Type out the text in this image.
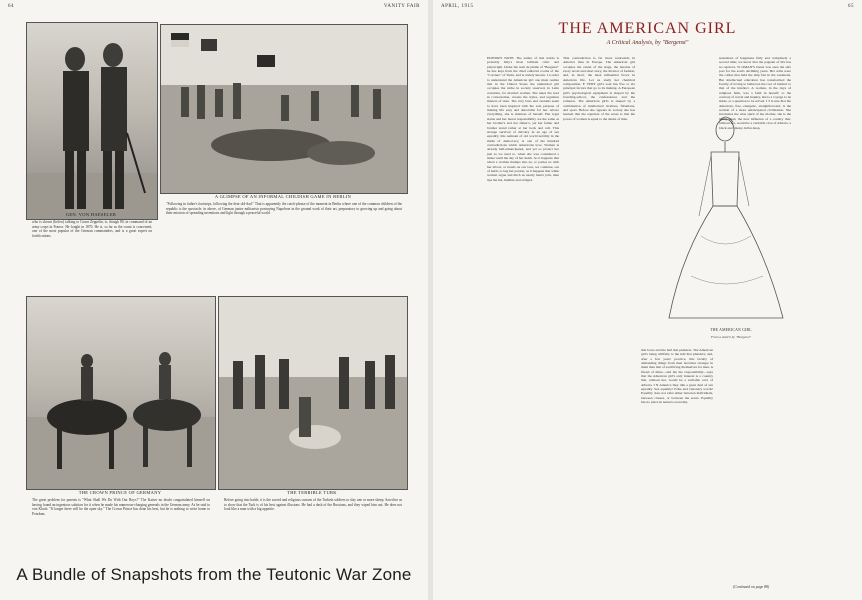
64	VANITY FAIR
GEN. VON HAESELER
who is shown (below) talking to Count Zeppelin, is, though 80, in command of an army corps in France. He fought in 1870. He is, so far as the count is concerned, one of the most popular of the German commanders, and is a great expert on fortifications.
A GLIMPSE OF AN INFORMAL CHILDISH GAME IN BERLIN
"Following in father's footsteps, following the dear old-dad." That is apparently the catch-phrase of the moment in Berlin where one of the common children of the republic is the spectacle, in above, of German junior militarists portraying Napoleon in the ground work of their art, preparatory to growing up and going about their mission of spreading inventions and light through a peaceful world.
THE CROWN PRINCE OF GERMANY
The great problem for parents is "What Shall We Do With Our Boys?" The Kaiser no doubt congratulated himself on having found an ingenious solution for it when he made his numerous-charging generals in the German army. As he said to von Kluck: "If longer there will be the open sky." The Crown Prince has done his best, but he is nothing to write home to Potsdam.
THE TERRIBLE TURK
Before going into battle, it is the sacred and religious custom of the Turkish soldiers to slay one or more sheep. Sacrifice as to show that the Turk is of his best against illusions. He had a dash of the Russians, and they wiped him out. He does not look like a man with a big appetite.
A Bundle of Snapshots from the Teutonic War Zone
APRIL, 1915	65
THE AMERICAN GIRL
A Critical Analysis, by "Bergenst"
EDITOR'S NOTE. The author of this article is probably Italy's most brilliant critic and playwright. Under the nom de plume of "Bergenst" he has kept from the chief editorial rooms of the "Corriere" of Turin, and is widely known. I n order to understand the American girl one must realize that in the United States the unmarried girl occupies the niche in society reserved, in Latin countries, for married women. She takes the lead in conversation, creates the styles, and regulates matters of taste. The very laws and customs seem to have been inspired with the sole purpose of making life easy and delectable for her. Above everything, she is mistress of herself. Her legal status and her moral responsibility are the same as her brother's and her father's, yet her father and brother stand rather at her beck and call. This strange survival of chivalry in an age of sex equality; this remnant of old world nobility in the midst of democracy, is one of the hundred contradictions which Americans love. Woman is already half-emancipated, and yet so protect her just as we used to, when she was considered a minor until the day of her death. So it happens that when a woman thumps into us, or jostles us with her elbow, or treads on our toes, we continue, out of habit, to beg her pardon, as it happens that while women argue and ditch us nearly man's jobs, man tips the hat, humble and obliged.
This contradiction is far more noticeable in America than in Europe. The American girl occupies the center of the stage, the heroine of every novel and short story, the dictator of fashion, and, in short, the most influential factor in American life. Let us study her chemical composition. E VERY girl's soul has five or six principal factors that go to its making. A European girl's psychological equipment is shaped by the boarding-school, the confessional, and the romance. The American girl's is shaped by a combination of intellectual rivalries, flirtations, and sport. Before she appears in society she has learned that the equation of the sexes is that the power of woman is equal to the desire of man.
THE AMERICAN GIRL
From a sketch by "Bergenst"
that loves and the hall that plunders. The American girl's being willfully to the hall that plunders; and, after a few years' practice, this faculty of demanding things from men becomes stronger in them than that of sacrificing themselves for men. A friend of mine—and his the responsibility—says that the American girl's only interest is a country that, without her, would be a veritable cave of Alberta. I N America they talk a great deal of sex equality. Sex equality! False and visionary words! Equality does not exist either between individuals, between classes, or between the sexes. Equality has no place in nature's economy.
sensations of happiness fully and completely a second time; we know that the pageant of life has no reprieve. W OMAN'S breast was once the safe port for the soul's declining years. Her arms were the cables that held the ship fast in the roadstead. But intellectual education has transformed the faculty of loving to bethrown the root of instinct to that of the intellect. A woman, in the days of religious faith, was a faith in herself; to the contrary of travel and inquiry, she is a voyage to be made, or a question to be solved. I T is true that the American, free, energetic, straightforward, is the woman of a more emancipated civilization. She incarnates the wise spirit of her mother, she is the living ideal, the new influence of a country that, without her, would be a veritable cave of Alberta, a black and smoky dollar-heap.
(Continued on page 88)
